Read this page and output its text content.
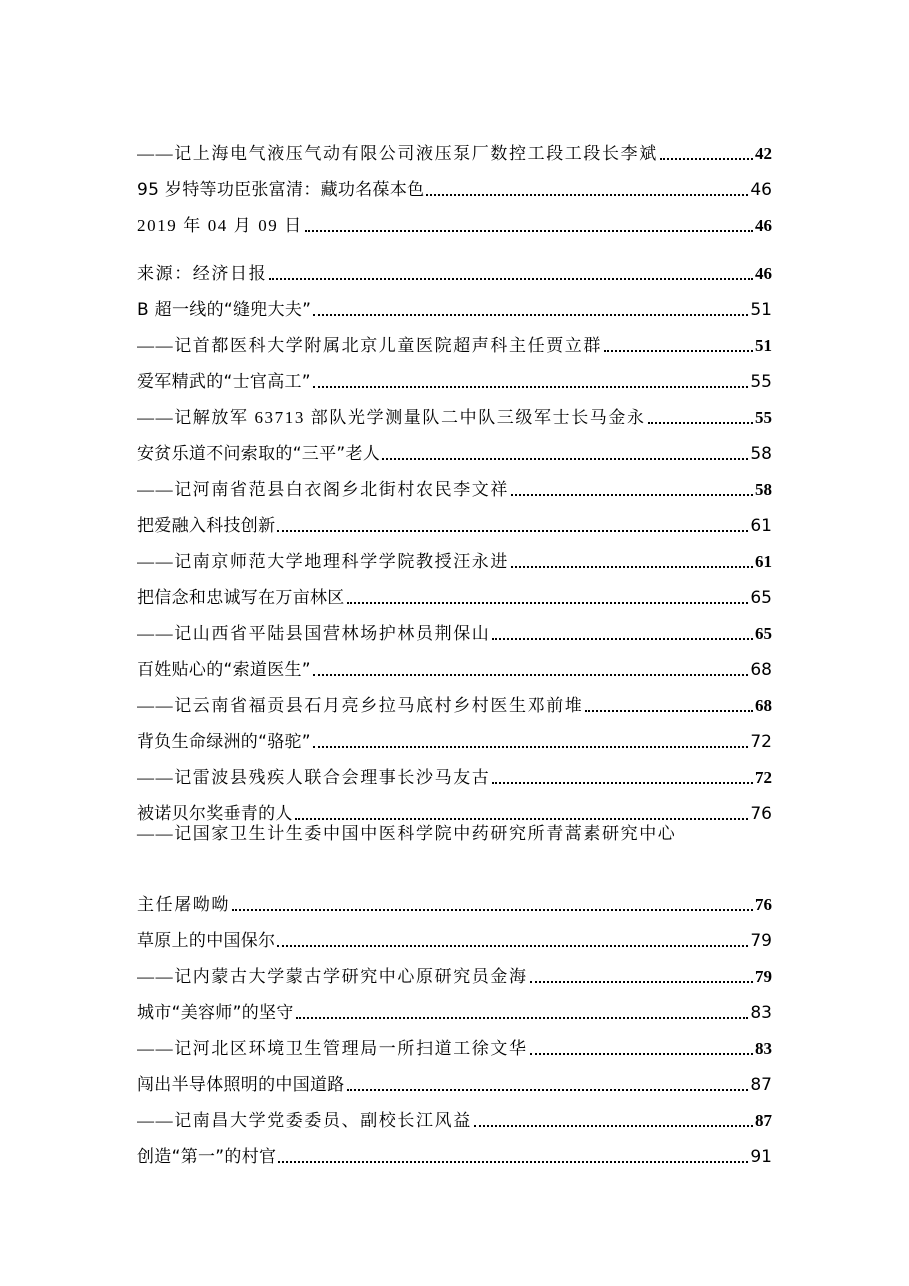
——记上海电气液压气动有限公司液压泵厂数控工段工段长李斌	42
95 岁特等功臣张富清：藏功名葆本色	46
2019 年 04 月 09 日	46
来源：经济日报	46
B 超一线的“缝兜大夫”	51
——记首都医科大学附属北京儿童医院超声科主任贾立群	51
爱军精武的“士官高工”	55
——记解放军 63713 部队光学测量队二中队三级军士长马金永	55
安贫乐道不问索取的“三平”老人	58
——记河南省范县白衣阁乡北街村农民李文祥	58
把爱融入科技创新	61
——记南京师范大学地理科学学院教授汪永进	61
把信念和忠诚写在万亩林区	65
——记山西省平陆县国营林场护林员荆保山	65
百姓贴心的“索道医生”	68
——记云南省福贡县石月亮乡拉马底村乡村医生邓前堆	68
背负生命绿洲的“骆驼”	72
——记雷波县残疾人联合会理事长沙马友古	72
被诺贝尔奖垂青的人	76
——记国家卫生计生委中国中医科学院中药研究所青蒿素研究中心
主任屠呦呦	76
草原上的中国保尔	79
——记内蒙古大学蒙古学研究中心原研究员金海	79
城市“美容师”的坚守	83
——记河北区环境卫生管理局一所扫道工徐文华	83
闯出半导体照明的中国道路	87
——记南昌大学党委委员、副校长江风益	87
创造“第一”的村官	91
